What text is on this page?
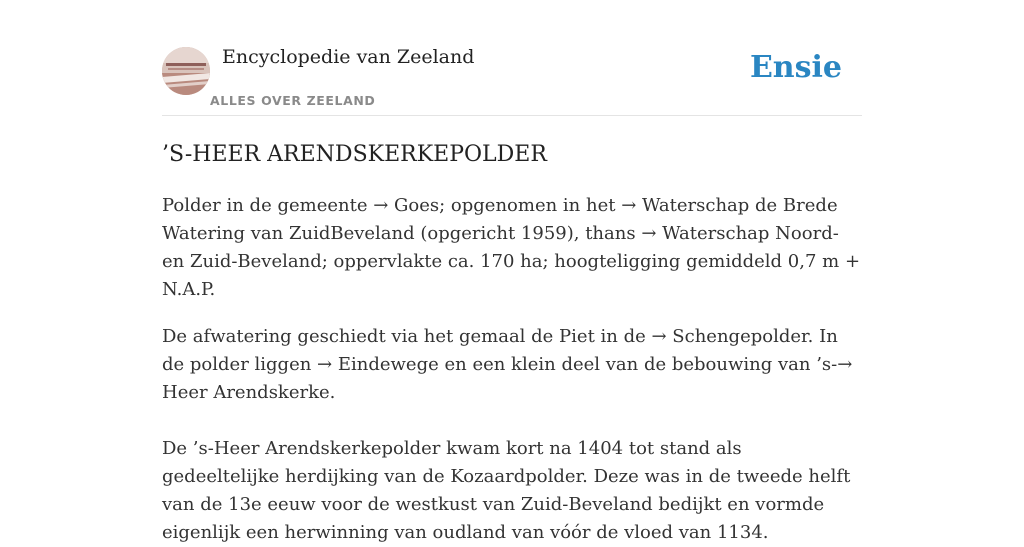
Encyclopedie van Zeeland
ALLES OVER ZEELAND
Ensie
’S-HEER ARENDSKERKEPOLDER

Polder in de gemeente → Goes; opgenomen in het → Waterschap de Brede Watering van ZuidBeveland (opgericht 1959), thans → Waterschap Noord- en Zuid-Beveland; oppervlakte ca. 170 ha; hoogteligging gemiddeld 0,7 m + N.A.P.

De afwatering geschiedt via het gemaal de Piet in de → Schengepolder. In de polder liggen → Eindewege en een klein deel van de bebouwing van ’s-→ Heer Arendskerke.

De ’s-Heer Arendskerkepolder kwam kort na 1404 tot stand als gedeeltelijke herdijking van de Kozaardpolder. Deze was in de tweede helft van de 13e eeuw voor de westkust van Zuid-Beveland bedijkt en vormde eigenlijk een herwinning van oudland van vóór de vloed van 1134.
